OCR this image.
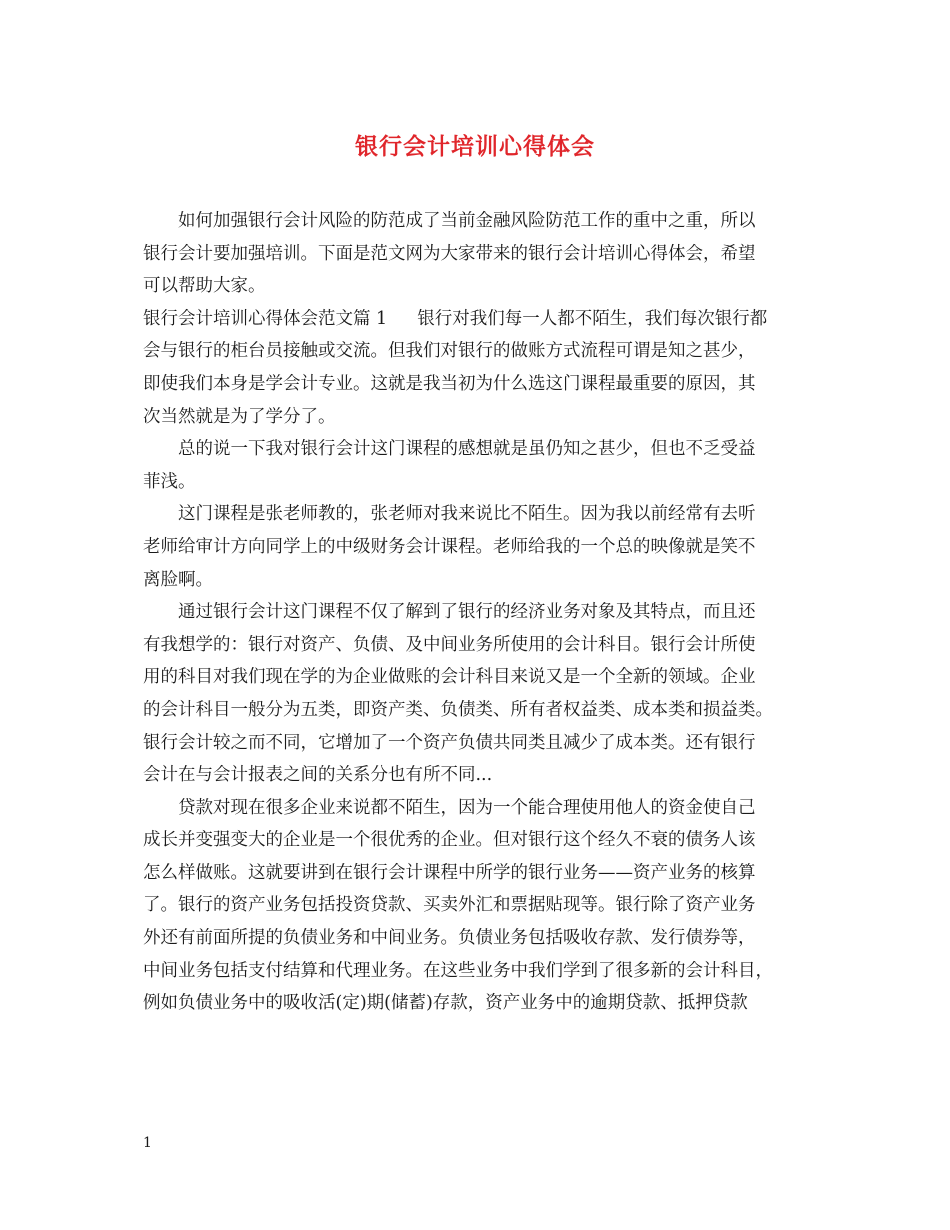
银行会计培训心得体会
如何加强银行会计风险的防范成了当前金融风险防范工作的重中之重，所以
银行会计要加强培训。下面是范文网为大家带来的银行会计培训心得体会，希望
可以帮助大家。
银行会计培训心得体会范文篇 1 银行对我们每一人都不陌生，我们每次银行都
会与银行的柜台员接触或交流。但我们对银行的做账方式流程可谓是知之甚少，
即使我们本身是学会计专业。这就是我当初为什么选这门课程最重要的原因，其
次当然就是为了学分了。
总的说一下我对银行会计这门课程的感想就是虽仍知之甚少，但也不乏受益
菲浅。
这门课程是张老师教的，张老师对我来说比不陌生。因为我以前经常有去听
老师给审计方向同学上的中级财务会计课程。老师给我的一个总的映像就是笑不
离脸啊。
通过银行会计这门课程不仅了解到了银行的经济业务对象及其特点，而且还
有我想学的：银行对资产、负债、及中间业务所使用的会计科目。银行会计所使
用的科目对我们现在学的为企业做账的会计科目来说又是一个全新的领域。企业
的会计科目一般分为五类，即资产类、负债类、所有者权益类、成本类和损益类。
银行会计较之而不同，它增加了一个资产负债共同类且减少了成本类。还有银行
会计在与会计报表之间的关系分也有所不同...
贷款对现在很多企业来说都不陌生，因为一个能合理使用他人的资金使自己
成长并变强变大的企业是一个很优秀的企业。但对银行这个经久不衰的债务人该
怎么样做账。这就要讲到在银行会计课程中所学的银行业务——资产业务的核算
了。银行的资产业务包括投资贷款、买卖外汇和票据贴现等。银行除了资产业务
外还有前面所提的负债业务和中间业务。负债业务包括吸收存款、发行债券等，
中间业务包括支付结算和代理业务。在这些业务中我们学到了很多新的会计科目，
例如负债业务中的吸收活(定)期(储蓄)存款，资产业务中的逾期贷款、抵押贷款
1
